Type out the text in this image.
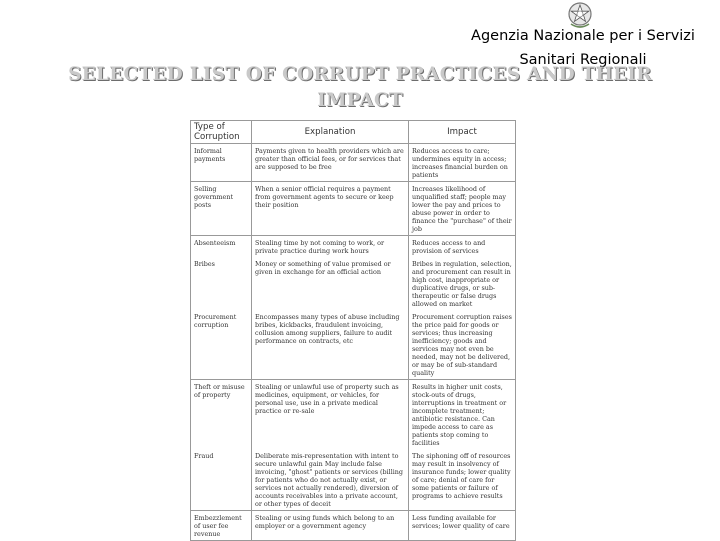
Agenzia Nazionale per i Servizi
Sanitari Regionali
SELECTED LIST OF CORRUPT PRACTICES AND THEIR IMPACT
Type of Corruption	Explanation	Impact
Informal payments	Payments given to health providers which are greater than official fees, or for services that are supposed to be free	Reduces access to care; undermines equity in access; increases financial burden on patients
Selling government posts	When a senior official requires a payment from government agents to secure or keep their position	Increases likelihood of unqualified staff; people may lower the pay and prices to abuse power in order to finance the "purchase" of their job
Absenteeism	Stealing time by not coming to work, or private practice during work hours	Reduces access to and provision of services
Bribes	Money or something of value promised or given in exchange for an official action	Bribes in regulation, selection, and procurement can result in high cost, inappropriate or duplicative drugs, or sub-therapeutic or false drugs allowed on market
Procurement corruption	Encompasses many types of abuse including bribes, kickbacks, fraudulent invoicing, collusion among suppliers, failure to audit performance on contracts, etc	Procurement corruption raises the price paid for goods or services; thus increasing inefficiency; goods and services may not even be needed, may not be delivered, or may be of sub-standard quality
Theft or misuse of property	Stealing or unlawful use of property such as medicines, equipment, or vehicles, for personal use, use in a private medical practice or re-sale	Results in higher unit costs, stock-outs of drugs, interruptions in treatment or incomplete treatment; antibiotic resistance. Can impede access to care as patients stop coming to facilities
Fraud	Deliberate mis-representation with intent to secure unlawful gain May include false invoicing, "ghost" patients or services (billing for patients who do not actually exist, or services not actually rendered), diversion of accounts receivables into a private account, or other types of deceit	The siphoning off of resources may result in insolvency of insurance funds; lower quality of care; denial of care for some patients or failure of programs to achieve results
Embezzlement of user fee revenue	Stealing or using funds which belong to an employer or a government agency	Less funding available for services; lower quality of care
